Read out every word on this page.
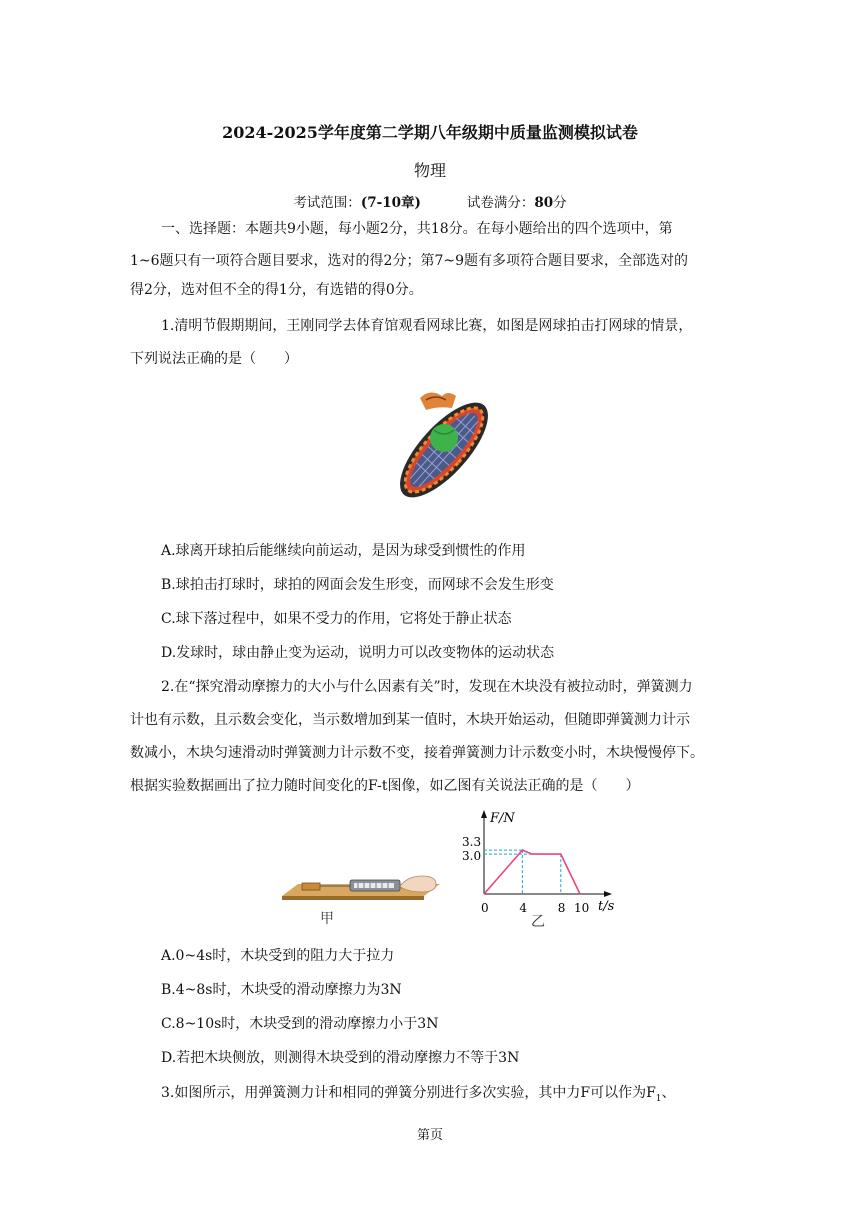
2024-2025学年度第二学期八年级期中质量监测模拟试卷
物理
考试范围：(7-10章)	试卷满分：80分
一、选择题：本题共9小题，每小题2分，共18分。在每小题给出的四个选项中，第
1~6题只有一项符合题目要求，选对的得2分；第7~9题有多项符合题目要求，全部选对的
得2分，选对但不全的得1分，有选错的得0分。
1.清明节假期期间，王刚同学去体育馆观看网球比赛，如图是网球拍击打网球的情景，
下列说法正确的是（　　）
A.球离开球拍后能继续向前运动，是因为球受到惯性的作用
B.球拍击打球时，球拍的网面会发生形变，而网球不会发生形变
C.球下落过程中，如果不受力的作用，它将处于静止状态
D.发球时，球由静止变为运动，说明力可以改变物体的运动状态
2.在“探究滑动摩擦力的大小与什么因素有关”时，发现在木块没有被拉动时，弹簧测力
计也有示数，且示数会变化，当示数增加到某一值时，木块开始运动，但随即弹簧测力计示
数减小，木块匀速滑动时弹簧测力计示数不变，接着弹簧测力计示数变小时，木块慢慢停下。
根据实验数据画出了拉力随时间变化的F-t图像，如乙图有关说法正确的是（　　）
甲
F/N
t/s
乙
3.3
3.0
0	4	8 10
A.0~4s时，木块受到的阻力大于拉力
B.4~8s时，木块受的滑动摩擦力为3N
C.8~10s时，木块受到的滑动摩擦力小于3N
D.若把木块侧放，则测得木块受到的滑动摩擦力不等于3N
3.如图所示，用弹簧测力计和相同的弹簧分别进行多次实验，其中力F可以作为$F_1$、
第页
